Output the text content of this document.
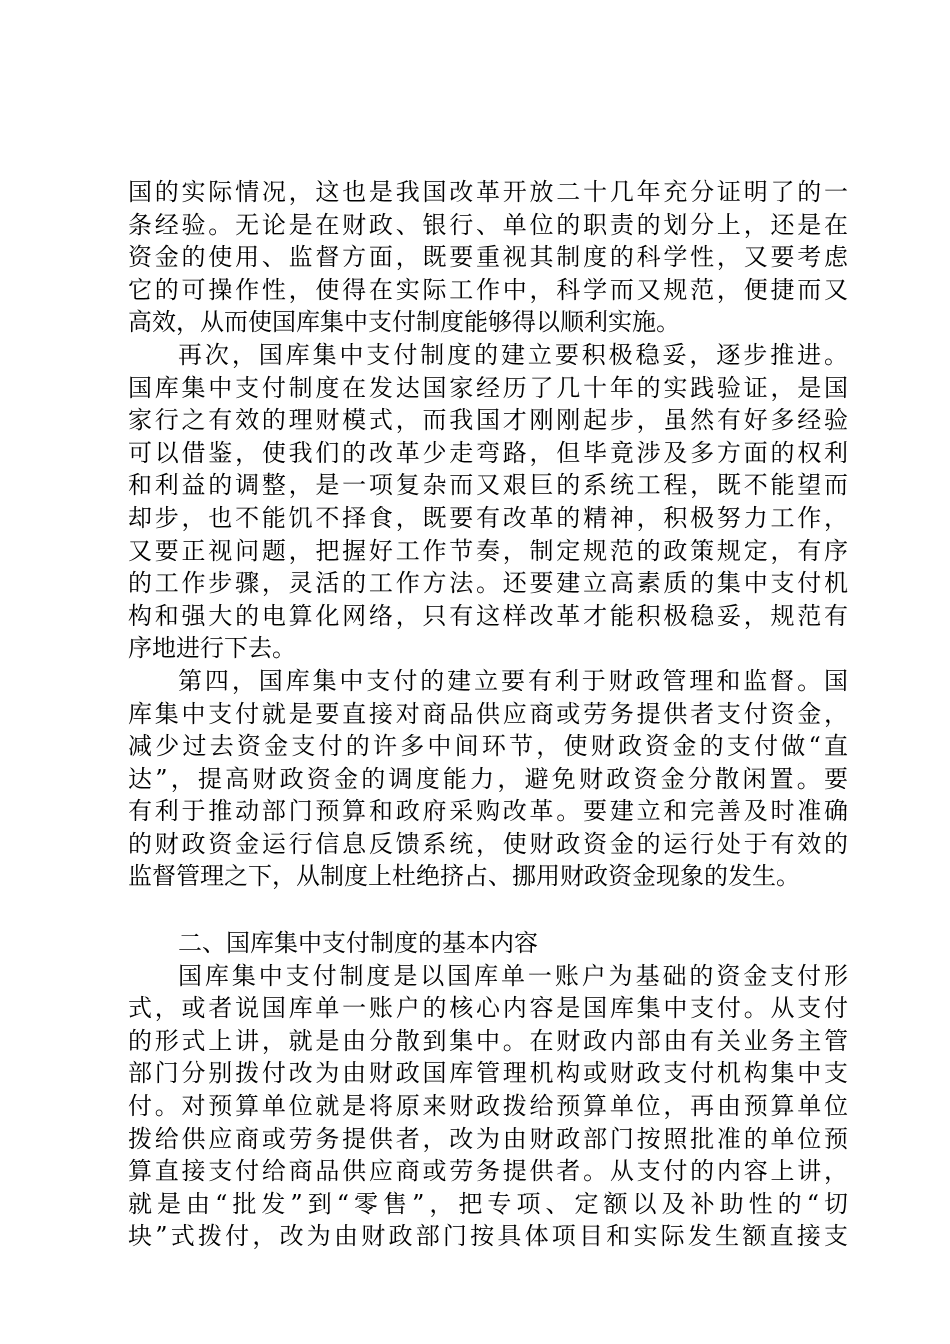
国的实际情况，这也是我国改革开放二十几年充分证明了的一
条经验。无论是在财政、银行、单位的职责的划分上，还是在
资金的使用、监督方面，既要重视其制度的科学性，又要考虑
它的可操作性，使得在实际工作中，科学而又规范，便捷而又
高效，从而使国库集中支付制度能够得以顺利实施。
再次，国库集中支付制度的建立要积极稳妥，逐步推进。
国库集中支付制度在发达国家经历了几十年的实践验证，是国
家行之有效的理财模式，而我国才刚刚起步，虽然有好多经验
可以借鉴，使我们的改革少走弯路，但毕竟涉及多方面的权利
和利益的调整，是一项复杂而又艰巨的系统工程，既不能望而
却步，也不能饥不择食，既要有改革的精神，积极努力工作，
又要正视问题，把握好工作节奏，制定规范的政策规定，有序
的工作步骤，灵活的工作方法。还要建立高素质的集中支付机
构和强大的电算化网络，只有这样改革才能积极稳妥，规范有
序地进行下去。
第四，国库集中支付的建立要有利于财政管理和监督。国
库集中支付就是要直接对商品供应商或劳务提供者支付资金，
减少过去资金支付的许多中间环节，使财政资金的支付做“直
达”，提高财政资金的调度能力，避免财政资金分散闲置。要
有利于推动部门预算和政府采购改革。要建立和完善及时准确
的财政资金运行信息反馈系统，使财政资金的运行处于有效的
监督管理之下，从制度上杜绝挤占、挪用财政资金现象的发生。
二、国库集中支付制度的基本内容
国库集中支付制度是以国库单一账户为基础的资金支付形
式，或者说国库单一账户的核心内容是国库集中支付。从支付
的形式上讲，就是由分散到集中。在财政内部由有关业务主管
部门分别拨付改为由财政国库管理机构或财政支付机构集中支
付。对预算单位就是将原来财政拨给预算单位，再由预算单位
拨给供应商或劳务提供者，改为由财政部门按照批准的单位预
算直接支付给商品供应商或劳务提供者。从支付的内容上讲，
就是由“批发”到“零售”，把专项、定额以及补助性的“切
块”式拨付，改为由财政部门按具体项目和实际发生额直接支
